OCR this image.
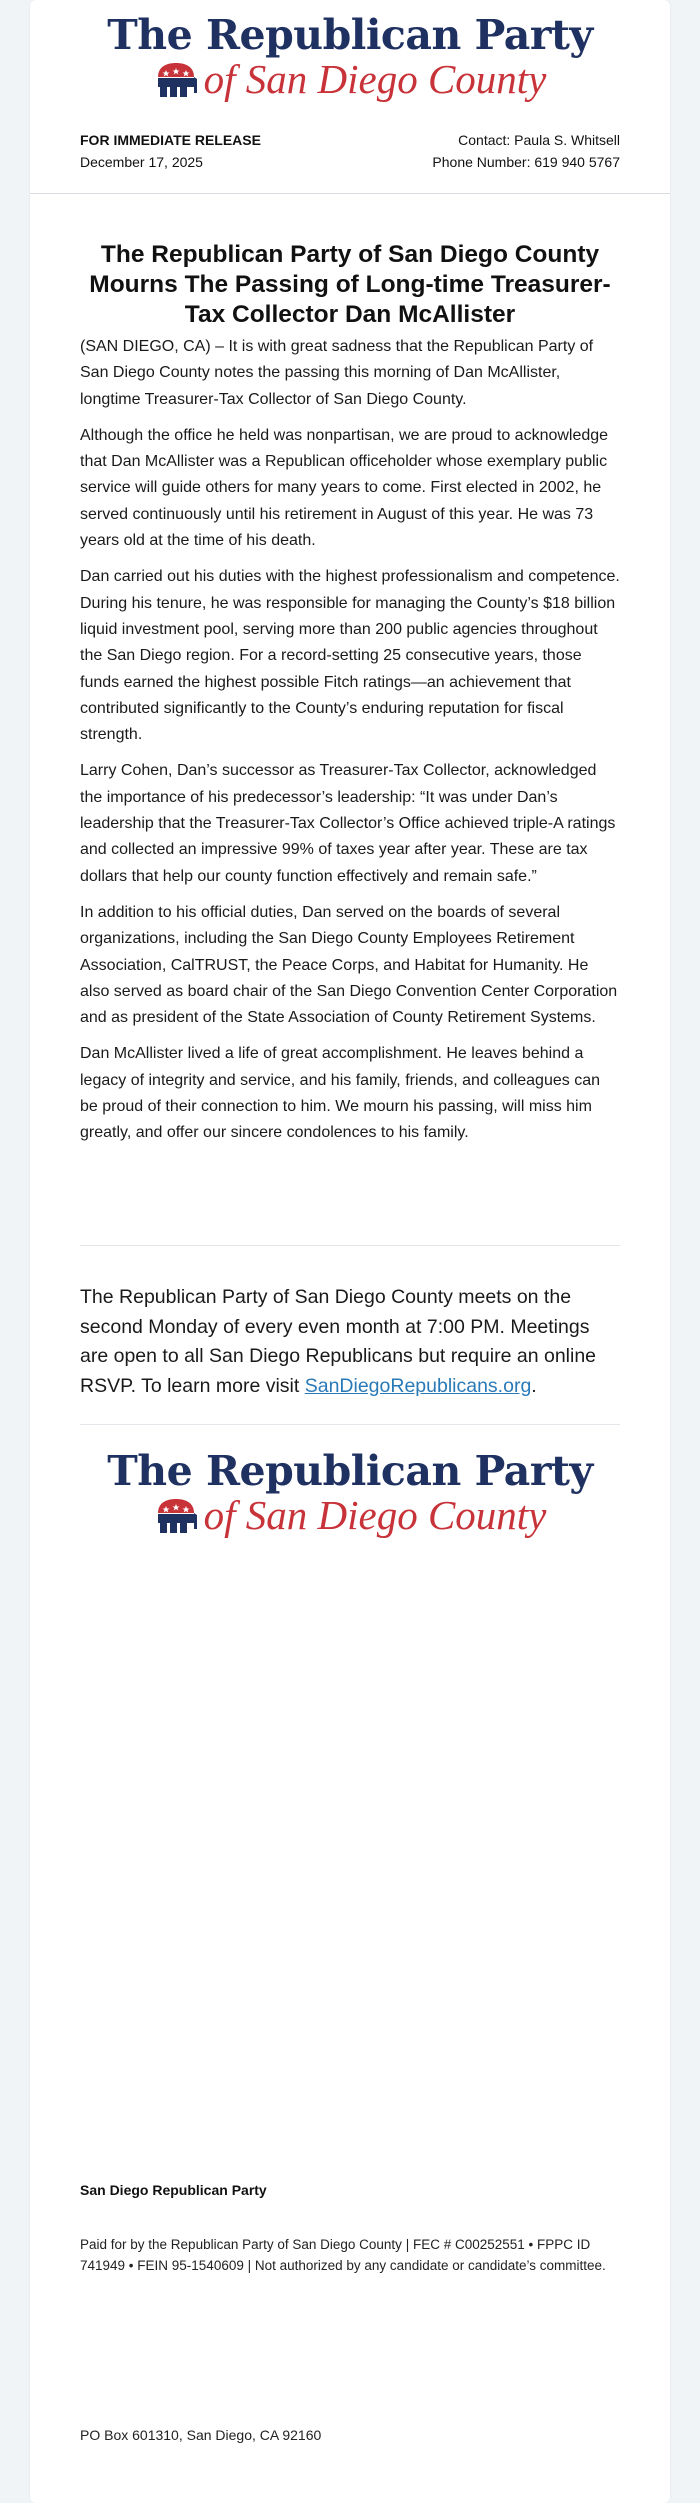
The Republican Party
of San Diego County
FOR IMMEDIATE RELEASE
December 17, 2025
Contact: Paula S. Whitsell
Phone Number: 619 940 5767
The Republican Party of San Diego County Mourns The Passing of Long-time Treasurer-Tax Collector Dan McAllister

(SAN DIEGO, CA) – It is with great sadness that the Republican Party of San Diego County notes the passing this morning of Dan McAllister, longtime Treasurer-Tax Collector of San Diego County.

Although the office he held was nonpartisan, we are proud to acknowledge that Dan McAllister was a Republican officeholder whose exemplary public service will guide others for many years to come. First elected in 2002, he served continuously until his retirement in August of this year. He was 73 years old at the time of his death.

Dan carried out his duties with the highest professionalism and competence. During his tenure, he was responsible for managing the County’s $18 billion liquid investment pool, serving more than 200 public agencies throughout the San Diego region. For a record-setting 25 consecutive years, those funds earned the highest possible Fitch ratings—an achievement that contributed significantly to the County’s enduring reputation for fiscal strength.

Larry Cohen, Dan’s successor as Treasurer-Tax Collector, acknowledged the importance of his predecessor’s leadership: “It was under Dan’s leadership that the Treasurer-Tax Collector’s Office achieved triple-A ratings and collected an impressive 99% of taxes year after year. These are tax dollars that help our county function effectively and remain safe.”

In addition to his official duties, Dan served on the boards of several organizations, including the San Diego County Employees Retirement Association, CalTRUST, the Peace Corps, and Habitat for Humanity. He also served as board chair of the San Diego Convention Center Corporation and as president of the State Association of County Retirement Systems.

Dan McAllister lived a life of great accomplishment. He leaves behind a legacy of integrity and service, and his family, friends, and colleagues can be proud of their connection to him. We mourn his passing, will miss him greatly, and offer our sincere condolences to his family.

The Republican Party of San Diego County meets on the second Monday of every even month at 7:00 PM. Meetings are open to all San Diego Republicans but require an online RSVP. To learn more visit SanDiegoRepublicans.org.
The Republican Party
of San Diego County
San Diego Republican Party
Paid for by the Republican Party of San Diego County | FEC # C00252551 • FPPC ID 741949 • FEIN 95-1540609 | Not authorized by any candidate or candidate’s committee.
PO Box 601310, San Diego, CA 92160
